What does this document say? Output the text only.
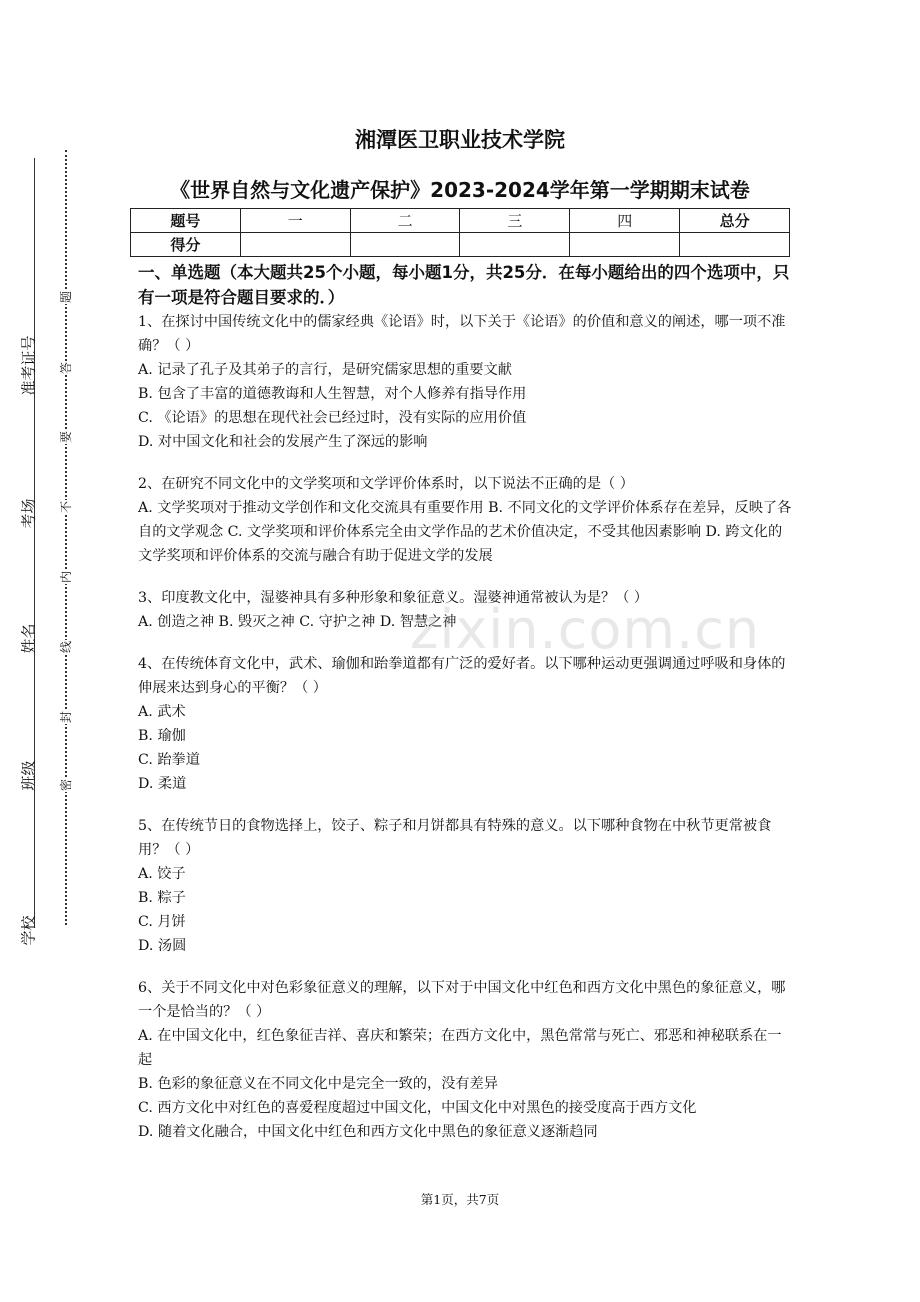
准考证号
考场
姓名
班级
学校
题
答
要
不
内
线
封
密
湘潭医卫职业技术学院
《世界自然与文化遗产保护》2023-2024学年第一学期期末试卷
题号	一	二	三	四	总分
得分					
一、单选题（本大题共25个小题，每小题1分，共25分．在每小题给出的四个选项中，只有一项是符合题目要求的．）

1、在探讨中国传统文化中的儒家经典《论语》时，以下关于《论语》的价值和意义的阐述，哪一项不准确？（ ）

A. 记录了孔子及其弟子的言行，是研究儒家思想的重要文献

B. 包含了丰富的道德教诲和人生智慧，对个人修养有指导作用

C. 《论语》的思想在现代社会已经过时，没有实际的应用价值

D. 对中国文化和社会的发展产生了深远的影响

2、在研究不同文化中的文学奖项和文学评价体系时，以下说法不正确的是（ ）

A. 文学奖项对于推动文学创作和文化交流具有重要作用 B. 不同文化的文学评价体系存在差异，反映了各自的文学观念 C. 文学奖项和评价体系完全由文学作品的艺术价值决定，不受其他因素影响 D. 跨文化的文学奖项和评价体系的交流与融合有助于促进文学的发展

3、印度教文化中，湿婆神具有多种形象和象征意义。湿婆神通常被认为是？（ ）

A. 创造之神 B. 毁灭之神 C. 守护之神 D. 智慧之神

4、在传统体育文化中，武术、瑜伽和跆拳道都有广泛的爱好者。以下哪种运动更强调通过呼吸和身体的伸展来达到身心的平衡？（ ）

A. 武术

B. 瑜伽

C. 跆拳道

D. 柔道

5、在传统节日的食物选择上，饺子、粽子和月饼都具有特殊的意义。以下哪种食物在中秋节更常被食用？（ ）

A. 饺子

B. 粽子

C. 月饼

D. 汤圆

6、关于不同文化中对色彩象征意义的理解，以下对于中国文化中红色和西方文化中黑色的象征意义，哪一个是恰当的？（ ）

A. 在中国文化中，红色象征吉祥、喜庆和繁荣；在西方文化中，黑色常常与死亡、邪恶和神秘联系在一起

B. 色彩的象征意义在不同文化中是完全一致的，没有差异

C. 西方文化中对红色的喜爱程度超过中国文化，中国文化中对黑色的接受度高于西方文化

D. 随着文化融合，中国文化中红色和西方文化中黑色的象征意义逐渐趋同

zixin.com.cn
第1页，共7页
